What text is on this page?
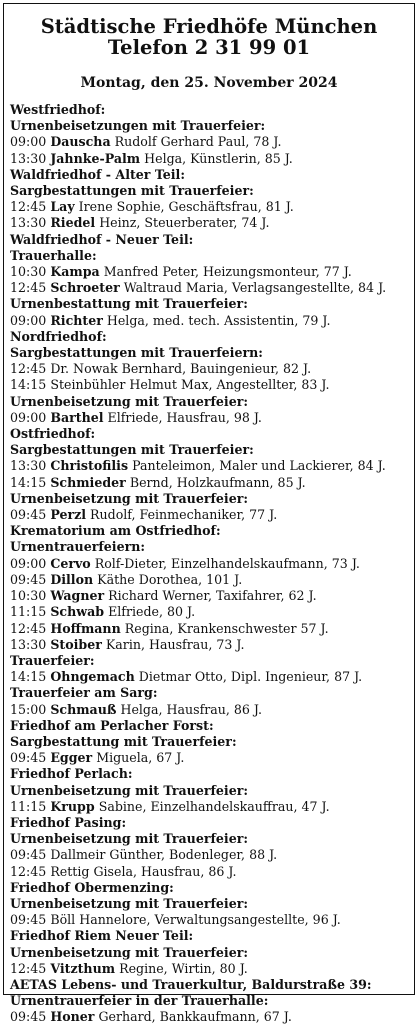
Städtische Friedhöfe München
Telefon 2 31 99 01
Montag, den 25. November 2024
Westfriedhof:
Urnenbeisetzungen mit Trauerfeier:
09:00 Dauscha Rudolf Gerhard Paul, 78 J.
13:30 Jahnke-Palm Helga, Künstlerin, 85 J.
Waldfriedhof - Alter Teil:
Sargbestattungen mit Trauerfeier:
12:45 Lay Irene Sophie, Geschäftsfrau, 81 J.
13:30 Riedel Heinz, Steuerberater, 74 J.
Waldfriedhof - Neuer Teil:
Trauerhalle:
10:30 Kampa Manfred Peter, Heizungsmonteur, 77 J.
12:45 Schroeter Waltraud Maria, Verlagsangestellte, 84 J.
Urnenbestattung mit Trauerfeier:
09:00 Richter Helga, med. tech. Assistentin, 79 J.
Nordfriedhof:
Sargbestattungen mit Trauerfeiern:
12:45 Dr. Nowak Bernhard, Bauingenieur, 82 J.
14:15 Steinbühler Helmut Max, Angestellter, 83 J.
Urnenbeisetzung mit Trauerfeier:
09:00 Barthel Elfriede, Hausfrau, 98 J.
Ostfriedhof:
Sargbestattungen mit Trauerfeier:
13:30 Christofilis Panteleimon, Maler und Lackierer, 84 J.
14:15 Schmieder Bernd, Holzkaufmann, 85 J.
Urnenbeisetzung mit Trauerfeier:
09:45 Perzl Rudolf, Feinmechaniker, 77 J.
Krematorium am Ostfriedhof:
Urnentrauerfeiern:
09:00 Cervo Rolf-Dieter, Einzelhandelskaufmann, 73 J.
09:45 Dillon Käthe Dorothea, 101 J.
10:30 Wagner Richard Werner, Taxifahrer, 62 J.
11:15 Schwab Elfriede, 80 J.
12:45 Hoffmann Regina, Krankenschwester 57 J.
13:30 Stoiber Karin, Hausfrau, 73 J.
Trauerfeier:
14:15 Ohngemach Dietmar Otto, Dipl. Ingenieur, 87 J.
Trauerfeier am Sarg:
15:00 Schmauß Helga, Hausfrau, 86 J.
Friedhof am Perlacher Forst:
Sargbestattung mit Trauerfeier:
09:45 Egger Miguela, 67 J.
Friedhof Perlach:
Urnenbeisetzung mit Trauerfeier:
11:15 Krupp Sabine, Einzelhandelskauffrau, 47 J.
Friedhof Pasing:
Urnenbeisetzung mit Trauerfeier:
09:45 Dallmeir Günther, Bodenleger, 88 J.
12:45 Rettig Gisela, Hausfrau, 86 J.
Friedhof Obermenzing:
Urnenbeisetzung mit Trauerfeier:
09:45 Böll Hannelore, Verwaltungsangestellte, 96 J.
Friedhof Riem Neuer Teil:
Urnenbeisetzung mit Trauerfeier:
12:45 Vitzthum Regine, Wirtin, 80 J.
AETAS Lebens- und Trauerkultur, Baldurstraße 39:
Urnentrauerfeier in der Trauerhalle:
09:45 Honer Gerhard, Bankkaufmann, 67 J.
